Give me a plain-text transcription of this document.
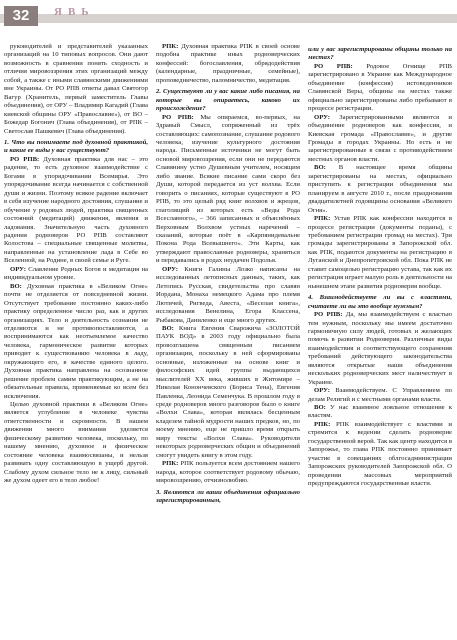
32	ЯВЬ

руководителей и представителей указанных организаций на 10 типовых вопросов. Они дают возможность в сравнении понять сходность и отличия мировоззрения этих организаций между собой, а также с иными славянскими движениями вне Украины. От РО РПВ ответы давал Святогор Вагур (Хранитель, первый заместитель Главы объединения), от ОРУ – Владимир Кагадий (Глава киевской общины ОРУ «Православие»), от ВО – Божедар Богонич (Глава объединения), от РПК – Светослав Пашкевич (Глава объединения).

1. Что вы понимаете под духовной практикой, и какие ее виды у вас существуют?

РО РПВ: Духовная практика для нас – это радение, то есть духовное взаимодействие с Богами в упорядочивании Всемирья. Это упорядочивание всегда начинается с собственной души и жизни. Поэтому всякое радение включает в себя изучение народного достояния, слушание и обучение у родовых людей, практика священных состояний (медитаций) движения, явления и ладования. Значительную часть духовного радения родноверов РО РПВ составляют Колостова – специальные священные молитвы, направленные на установление лада в Себе во Вселенной, на Родине, в своей семье и Руге.

ОРУ: Славление Родных Богов и медитация на индивидуальном уровне.

ВО: Духовная практика в «Великом Огне» почти не отделяется от повседневной жизни. Отсутствует требование постоянно каких-либо практику определенное число раз, как в других организациях. Тело и деятельность сознания не отделяются и не противопоставляются, а воспринимаются как неотъемлемое качество человека, гармоническое развитие которых приводит к существованию человека в ладу, окружающего его, в качестве единого целого. Духовная практика направлена на осознанное решение проблем самим практикующим, а не на обязательные правила, применяемые ко всем без исключения.

Целью духовной практики в «Великом Огне» является углубление в человеке чувства ответственности и скромности. В нашем движении много внимания уделяется физическому развитию человека, поскольку, по нашему мнению, духовное и физическое состояние человека взаимосвязаны, и нельзя развивать одну составляющую в ущерб другой. Слабому духом сильное тело не к лицу, сильный же духом одеет его в тело любое!

РПК: Духовная практика РПК в своей основе подобна практике иных родноверческих конфессий: богославления, обрядодействия (календарные, праздничные, семейные), проповедничество, паломничество, медитация.

2. Существуют ли у вас какие либо писания, на которые вы опираетесь, каково их происхождение?

РО РПВ: Мы опираемся, во-первых, на Здравый Смысл, сопряженный из трёх составляющих: самопознание, слушание родового человека, изучение культурного достояния народа. Письменные источники не могут быть основой мировоззрения, если они не передаются Славянину устно Душевным учителем, носящим либо звание. Всякие писание сами скоро без Души, которой передается из уст волхва. Если говорить о писаниях, которые существуют в РО РПВ, то это целый ряд книг волхвов и жрецов, глаголящий из которых есть «Веды Рода Всеславного», – 366 записанных и объяснённых Верховным Волхвом устных наречений – сказаний, которые поёт в «Карпянидевальне Покона Рода Всевышнего». Эти Карты, как утверждают православные родноверы, храняться и передавались в родах неудачен Подолья.

ОРУ: Книги Галины Лозко написаны на исследованных летописных данных, таких, как Летопись Русская, свидетельства про славян Иордана, Монаха немецкого Адама про племя Лютичей, Ригведа, Авеста, «Веселая книга», исследования Венелина, Егора Классена, Рыбакова, Даниленко и еще много других.

ВО: Книга Евгения Сварожича «ЗОЛОТОЙ ПАУК ВОД» в 2003 году официально была провозглашена священным писанием организации, поскольку в ней сформированы основные, изложенные на основе книг и философских идей группы выдающихся мыслителей XX века, живших в Житомире – Николая Конончевского (Бориса Тена), Евгения Павленка, Леонида Семенчука. В прошлом году в среде родноверов много разговоров было о книге «Волхи Слава», которая являлась бесценным кладезем тайной мудрости наших предков, но, по моему мнению, еще не пришло время открыть миру тексты «Волхи Слава». Руководители некоторых родноверческих общин и объединений смогут увидеть книгу в этом году.

РПК: РПК пользуется всем достоянием нашего народа, которое соответствует родовому обычаю, мировоззрению, отчизнолюбию.

3. Являются ли ваши объединения официально зарегистрированным,

или у вас зарегистрированы общины только на местах?

РО РПВ: Родовое Огнище РПВ зарегистрировано в Украине как Международное объединение (конфессия) истоведенников Славянской Веры, общины на местах также официально зарегистрированы либо пребывают в процессе регистрации.

ОРУ: Зарегистрированными являются и объединение родноверов как конфессия, и Киевская громада «Православие», и другие Громады в городах Украины. Но есть и не зарегистрированные в связи с противодействием местных органов власти.

ВО: В настоящее время общины зарегистрированы на местах, официально приступить к регистрации объединения мы планируем в августе 2010 г., после празднования двадцатилетней годовщины основания «Великого Огня».

РПК: Устав РПК как конфессии находится в процессе регистрации (документы поданы), с требованием регистрации громад на местах). Три громады зарегистрированы в Запорожской обл. как РПК, подаются документы на регистрацию в Луганской и Днепропетровской обл. Пока РПК не ставит самоцелью регистрацию устава, так как их регистрация играет малую роль в деятельности на нынешнем этапе развития родноверия вообще.

4. Взаимодействуете ли вы с властями, считаете ли вы это вообще нужным?

РО РПВ: Да, мы взаимодействуем с властью тем нужным, поскольку мы имеем достаточно гармоничную силу людей, готовых и желающих помочь в развитии Родноверия. Различные виды взаимодействия и соответствующего сохранения требований действующего законодательства являются открытые наши объединения нескольких родноверческих мест наличествует в Украине.

ОРУ: Взаимодействуем. С Управлением по делам Религий и с местными органами власти.

ВО: У нас взаимное лояльное отношение к властям.

РПК: РПК взаимодействует с властями и стремится к ведении сделать родноверие государственной верой. Так как центр находится в Запорожье, то глава РПК постоянно принимает участие в совещаниях облгосадминистрации Запорожских руководителей Запорожской обл. О проведении массовых мероприятий предупреждаются государственные власти.
